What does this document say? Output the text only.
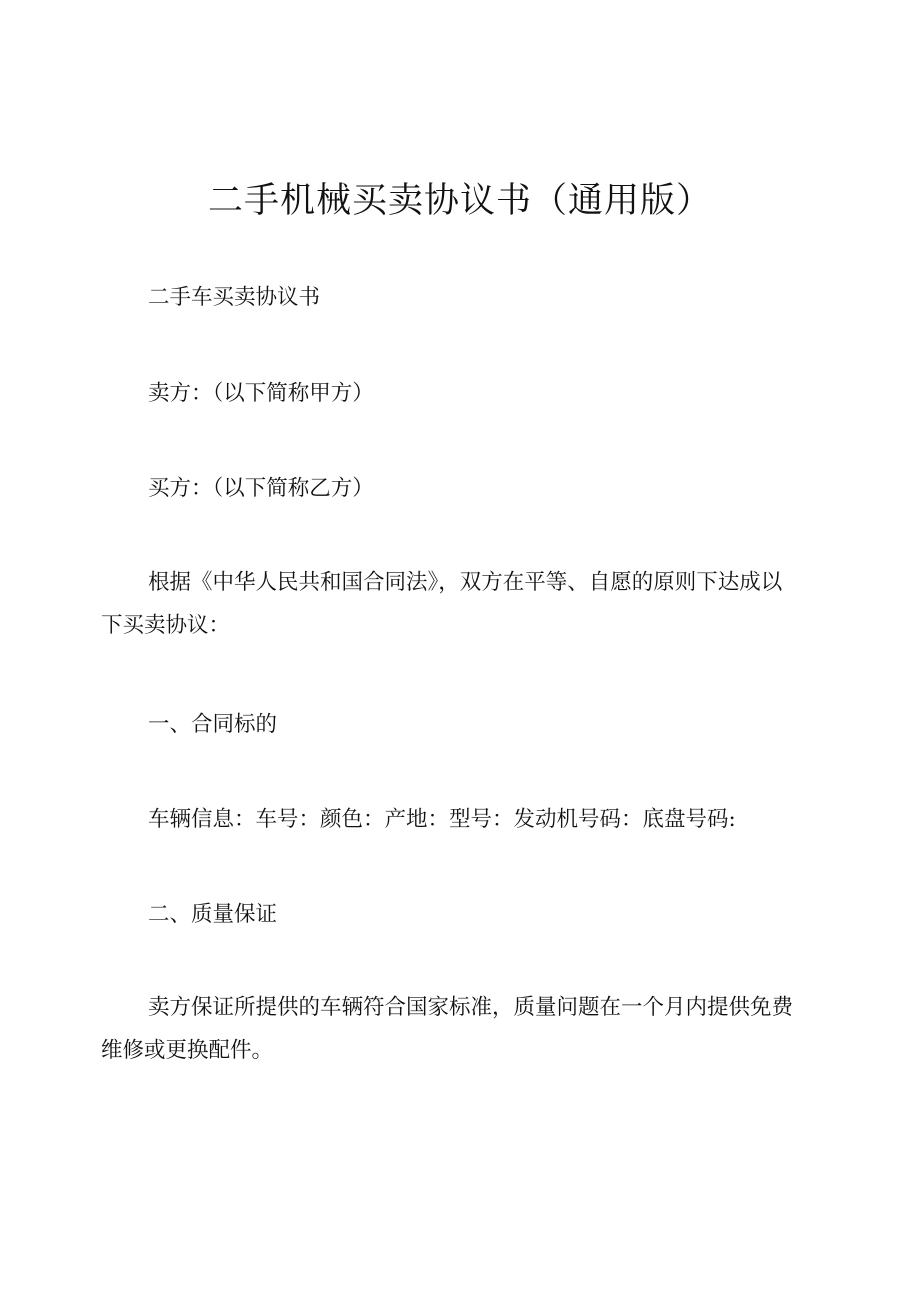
二手机械买卖协议书（通用版）
二手车买卖协议书
卖方：（以下简称甲方）
买方：（以下简称乙方）
根据《中华人民共和国合同法》，双方在平等、自愿的原则下达成以下买卖协议：
一、合同标的
车辆信息：车号：颜色：产地：型号：发动机号码：底盘号码:
二、质量保证
卖方保证所提供的车辆符合国家标准，质量问题在一个月内提供免费维修或更换配件。
